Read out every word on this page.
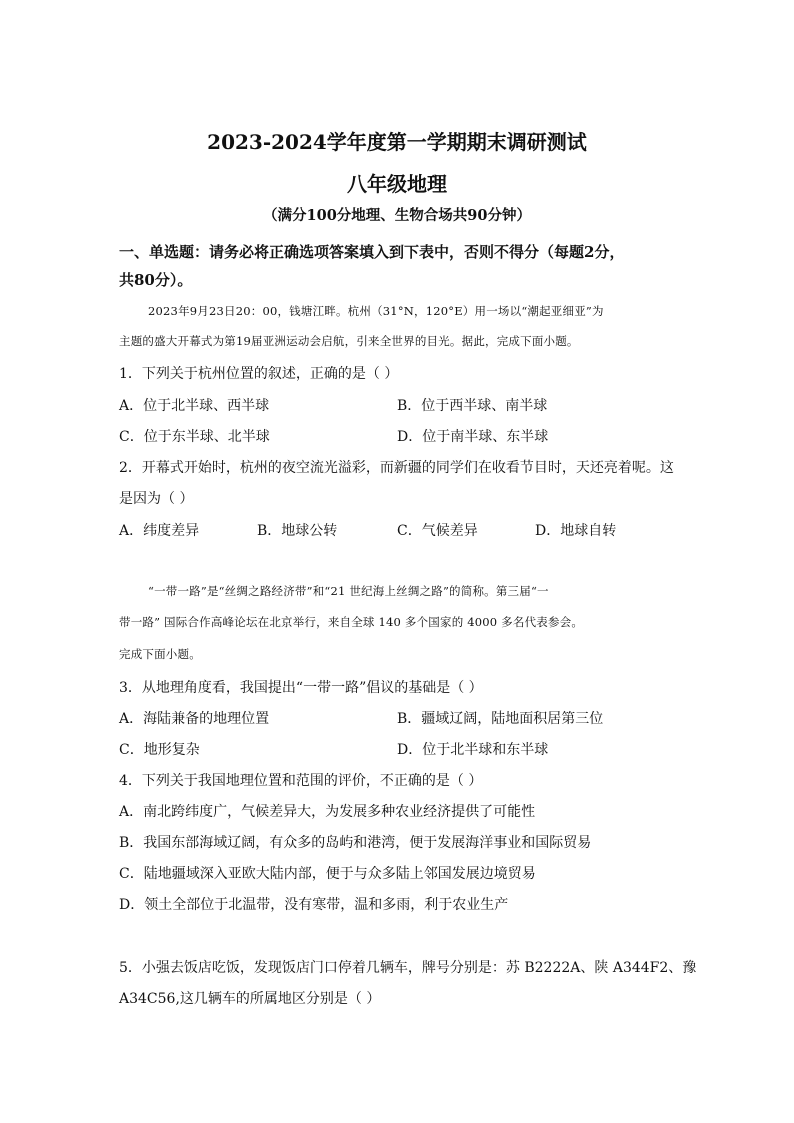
2023-2024学年度第一学期期末调研测试
八年级地理
（满分100分地理、生物合场共90分钟）
一、单选题：请务必将正确选项答案填入到下表中，否则不得分（每题2分，
共80分）。
2023年9月23日20：00，钱塘江畔。杭州（31°N，120°E）用一场以“潮起亚细亚”为
主题的盛大开幕式为第19届亚洲运动会启航，引来全世界的目光。据此，完成下面小题。
1．下列关于杭州位置的叙述，正确的是（ ）
A．位于北半球、西半球	B．位于西半球、南半球
C．位于东半球、北半球	D．位于南半球、东半球
2．开幕式开始时，杭州的夜空流光溢彩，而新疆的同学们在收看节目时，天还亮着呢。这
是因为（ ）
A．纬度差异	B．地球公转	C．气候差异	D．地球自转
“一带一路”是“丝绸之路经济带”和“21 世纪海上丝绸之路”的简称。第三届“一
带一路” 国际合作高峰论坛在北京举行，来自全球 140 多个国家的 4000 多名代表参会。
完成下面小题。
3．从地理角度看，我国提出“一带一路”倡议的基础是（ ）
A．海陆兼备的地理位置	B．疆域辽阔，陆地面积居第三位
C．地形复杂	D．位于北半球和东半球
4．下列关于我国地理位置和范围的评价，不正确的是（ ）
A．南北跨纬度广，气候差异大，为发展多种农业经济提供了可能性
B．我国东部海域辽阔，有众多的岛屿和港湾，便于发展海洋事业和国际贸易
C．陆地疆域深入亚欧大陆内部，便于与众多陆上邻国发展边境贸易
D．领土全部位于北温带，没有寒带，温和多雨，利于农业生产
5．小强去饭店吃饭，发现饭店门口停着几辆车，牌号分别是：苏 B2222A、陕 A344F2、豫
A34C56,这几辆车的所属地区分别是（ ）
